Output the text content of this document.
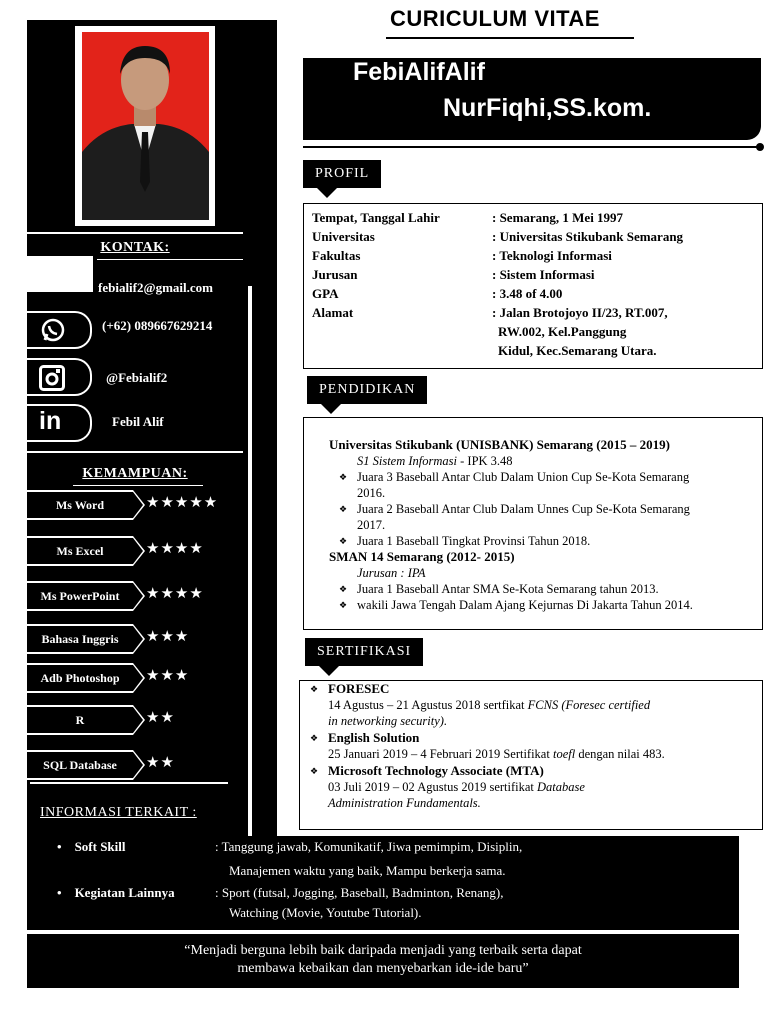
KONTAK:
febialif2@gmail.com
(+62) 089667629214
@Febialif2
in	Febil Alif
KEMAMPUAN:
Ms Word	★★★★★
Ms Excel	★★★★
Ms PowerPoint	★★★★
Bahasa Inggris	★★★
Adb Photoshop	★★★
R	★★
SQL Database	★★
INFORMASI TERKAIT :
CURICULUM VITAE
FebiAlifAlif
NurFiqhi,SS.kom.
PROFIL
Tempat, Tanggal Lahir	: Semarang, 1 Mei 1997
Universitas	: Universitas Stikubank Semarang
Fakultas	: Teknologi Informasi
Jurusan	: Sistem Informasi
GPA	: 3.48 of 4.00
Alamat	: Jalan Brotojoyo II/23, RT.007,
RW.002, Kel.Panggung
Kidul, Kec.Semarang Utara.
PENDIDIKAN
Universitas Stikubank (UNISBANK) Semarang (2015 – 2019)
S1 Sistem Informasi - IPK 3.48
❖ Juara 3 Baseball Antar Club Dalam Union Cup Se-Kota Semarang
2016.
❖ Juara 2 Baseball Antar Club Dalam Unnes Cup Se-Kota Semarang
2017.
❖ Juara 1 Baseball Tingkat Provinsi Tahun 2018.
SMAN 14 Semarang (2012- 2015)
Jurusan : IPA
❖ Juara 1 Baseball Antar SMA Se-Kota Semarang tahun 2013.
❖ wakili Jawa Tengah Dalam Ajang Kejurnas Di Jakarta Tahun 2014.
SERTIFIKASI
❖ FORESEC
14 Agustus – 21 Agustus 2018 sertfikat FCNS (Foresec certified
in networking security).
❖ English Solution
25 Januari 2019 – 4 Februari 2019 Sertifikat toefl dengan nilai 483.
❖ Microsoft Technology Associate (MTA)
03 Juli 2019 – 02 Agustus 2019 sertifikat Database
Administration Fundamentals.
•    Soft Skill	: Tanggung jawab, Komunikatif, Jiwa pemimpim, Disiplin,
Manajemen waktu yang baik, Mampu berkerja sama.
•    Kegiatan Lainnya	: Sport (futsal, Jogging, Baseball, Badminton, Renang),
Watching (Movie, Youtube Tutorial).
“Menjadi berguna lebih baik daripada menjadi yang terbaik serta dapat
membawa kebaikan dan menyebarkan ide-ide baru”
